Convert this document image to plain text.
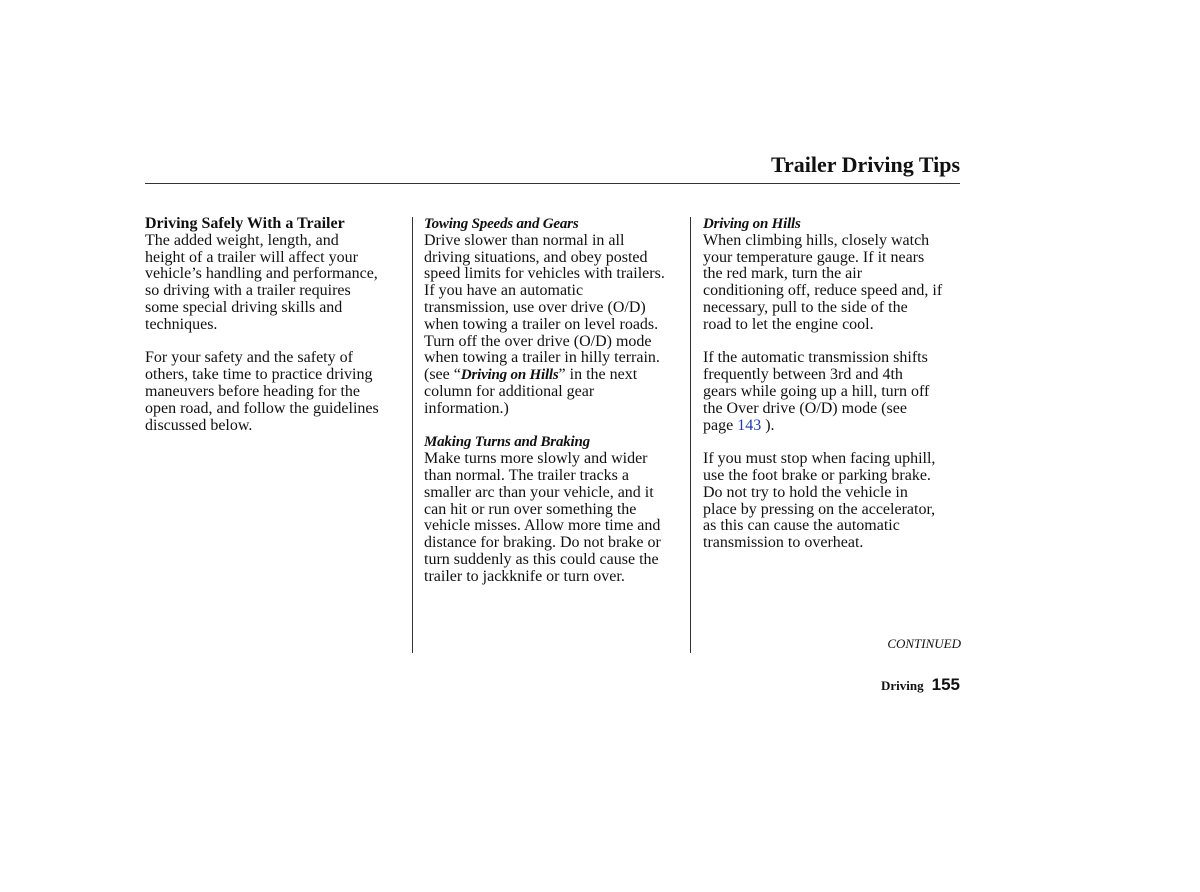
Trailer Driving Tips
Driving Safely With a Trailer
The added weight, length, and
height of a trailer will affect your
vehicle’s handling and performance,
so driving with a trailer requires
some special driving skills and
techniques.
For your safety and the safety of
others, take time to practice driving
maneuvers before heading for the
open road, and follow the guidelines
discussed below.
Towing Speeds and Gears
Drive slower than normal in all
driving situations, and obey posted
speed limits for vehicles with trailers.
If you have an automatic
transmission, use over drive (O/D)
when towing a trailer on level roads.
Turn off the over drive (O/D) mode
when towing a trailer in hilly terrain.
(see “Driving on Hills” in the next
column for additional gear
information.)
Making Turns and Braking
Make turns more slowly and wider
than normal. The trailer tracks a
smaller arc than your vehicle, and it
can hit or run over something the
vehicle misses. Allow more time and
distance for braking. Do not brake or
turn suddenly as this could cause the
trailer to jackknife or turn over.
Driving on Hills
When climbing hills, closely watch
your temperature gauge. If it nears
the red mark, turn the air
conditioning off, reduce speed and, if
necessary, pull to the side of the
road to let the engine cool.
If the automatic transmission shifts
frequently between 3rd and 4th
gears while going up a hill, turn off
the Over drive (O/D) mode (see
page 143 ).
If you must stop when facing uphill,
use the foot brake or parking brake.
Do not try to hold the vehicle in
place by pressing on the accelerator,
as this can cause the automatic
transmission to overheat.
CONTINUED
Driving 155
